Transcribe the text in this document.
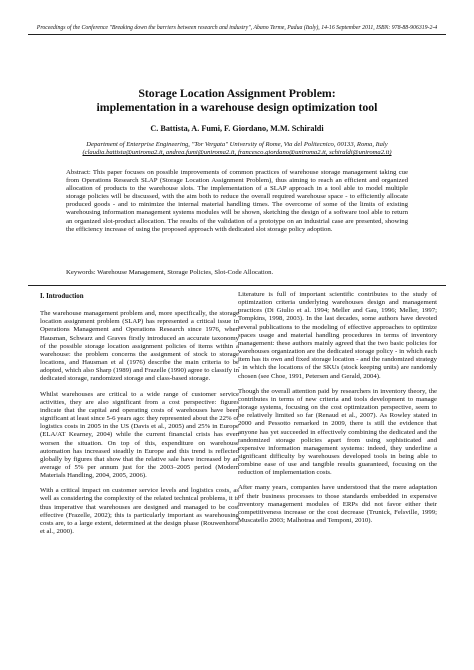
Proceedings of the Conference "Breaking down the barriers between research and industry", Abano Terme, Padua (Italy), 14-16 September 2011, ISBN: 978-88-906319-2-4
Storage Location Assignment Problem:
implementation in a warehouse design optimization tool
C. Battista, A. Fumi, F. Giordano, M.M. Schiraldi
Department of Enterprise Engineering, "Tor Vergata" University of Rome, Via del Politecnico, 00133, Roma, Italy
(claudia.battista@uniroma2.it, andrea.fumi@uniroma2.it, francesco.giordano@uniroma2.it, schiraldi@uniroma2.it)

Abstract: This paper focuses on possible improvements of common practices of warehouse storage management taking cue from Operations Research SLAP (Storage Location Assignment Problem), thus aiming to reach an efficient and organized allocation of products to the warehouse slots. The implementation of a SLAP approach in a tool able to model multiple storage policies will be discussed, with the aim both to reduce the overall required warehouse space - to efficiently allocate produced goods - and to minimize the internal material handling times. The overcome of some of the limits of existing warehousing information management systems modules will be shown, sketching the design of a software tool able to return an organized slot-product allocation. The results of the validation of a prototype on an industrial case are presented, showing the efficiency increase of using the proposed approach with dedicated slot storage policy adoption.

Keywords: Warehouse Management, Storage Policies, Slot-Code Allocation.

I. Introduction

The warehouse management problem and, more specifically, the storage location assignment problem (SLAP) has represented a critical issue in Operations Management and Operations Research since 1976, when Hausman, Schwarz and Graves firstly introduced an accurate taxonomy of the possible storage location assignment policies of items within a warehouse: the problem concerns the assignment of stock to storage locations, and Hausman et al (1976) describe the main criteria to be adopted, which also Sharp (1989) and Frazelle (1990) agree to classify in dedicated storage, randomized storage and class-based storage.

Whilst warehouses are critical to a wide range of customer service activities, they are also significant from a cost perspective: figures indicate that the capital and operating costs of warehouses have been significant at least since 5-6 years ago: they represented about the 22% of logistics costs in 2005 in the US (Davis et al., 2005) and 25% in Europe (ELA/AT Kearney, 2004) while the current financial crisis has even worsen the situation. On top of this, expenditure on warehouse automation has increased steadily in Europe and this trend is reflected globally by figures that show that the relative sale have increased by an average of 5% per annum just for the 2003–2005 period (Modern Materials Handling, 2004, 2005, 2006).

With a critical impact on customer service levels and logistics costs, as well as considering the complexity of the related technical problems, it is thus imperative that warehouses are designed and managed to be cost effective (Frazelle, 2002); this is particularly important as warehousing costs are, to a large extent, determined at the design phase (Rouwenhorst et al., 2000).

Literature is full of important scientific contributes to the study of optimization criteria underlying warehouses design and management practices (Di Giulio et al. 1994; Meller and Gau, 1996; Meller, 1997; Tompkins, 1998, 2003). In the last decades, some authors have devoted several publications to the modeling of effective approaches to optimize spaces usage and material handling procedures in terms of inventory management: these authors mainly agreed that the two basic policies for warehouses organization are the dedicated storage policy - in which each item has its own and fixed storage location - and the randomized strategy - in which the locations of the SKUs (stock keeping units) are randomly chosen (see Choe, 1991, Petersen and Gerald, 2004).

Though the overall attention paid by researchers in inventory theory, the contributes in terms of new criteria and tools development to manage storage systems, focusing on the cost optimization perspective, seem to be relatively limited so far (Renaud et al., 2007). As Rowley stated in 2000 and Pessotto remarked in 2009, there is still the evidence that anyone has yet succeeded in effectively combining the dedicated and the randomized storage policies apart from using sophisticated and expensive information management systems: indeed, they underline a significant difficulty by warehouses developed tools in being able to combine ease of use and tangible results guaranteed, focusing on the reduction of implementation costs.

After many years, companies have understood that the mere adaptation of their business processes to those standards embedded in expensive inventory management modules of ERPs did not favor either their competitiveness increase or the cost decrease (Trunick, Felsville, 1999; Muscatello 2003; Malhotraa and Temponi, 2010).
